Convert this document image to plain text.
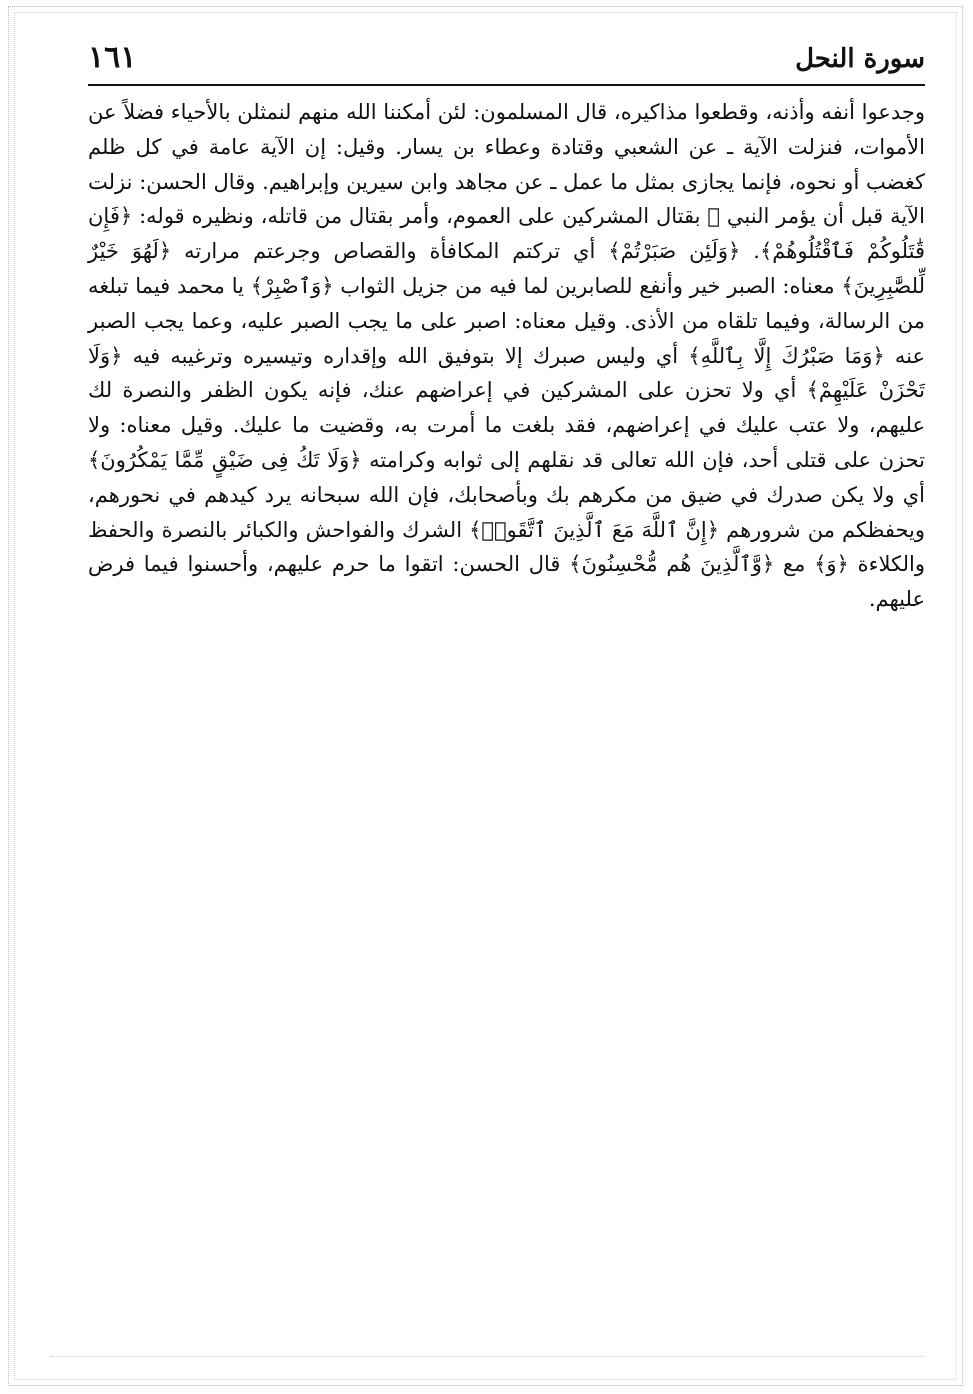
سورة النحل
١٦١

وجدعوا أنفه وأذنه، وقطعوا مذاكيره، قال المسلمون: لئن أمكننا الله منهم لنمثلن بالأحياء فضلاً عن الأموات، فنزلت الآية ـ عن الشعبي وقتادة وعطاء بن يسار. وقيل: إن الآية عامة في كل ظلم كغضب أو نحوه، فإنما يجازى بمثل ما عمل ـ عن مجاهد وابن سيرين وإبراهيم. وقال الحسن: نزلت الآية قبل أن يؤمر النبي ﷺ بقتال المشركين على العموم، وأمر بقتال من قاتله، ونظيره قوله: ﴿فَإِن قَٰتَلُوكُمْ فَٱقْتُلُوهُمْ﴾. ﴿وَلَئِن صَبَرْتُمْ﴾ أي تركتم المكافأة والقصاص وجرعتم مرارته ﴿لَهُوَ خَيْرٌ لِّلصَّٰبِرِينَ﴾ معناه: الصبر خير وأنفع للصابرين لما فيه من جزيل الثواب ﴿وَٱصْبِرْ﴾ يا محمد فيما تبلغه من الرسالة، وفيما تلقاه من الأذى. وقيل معناه: اصبر على ما يجب الصبر عليه، وعما يجب الصبر عنه ﴿وَمَا صَبْرُكَ إِلَّا بِٱللَّهِ﴾ أي وليس صبرك إلا بتوفيق الله وإقداره وتيسيره وترغيبه فيه ﴿وَلَا تَحْزَنْ عَلَيْهِمْ﴾ أي ولا تحزن على المشركين في إعراضهم عنك، فإنه يكون الظفر والنصرة لك عليهم، ولا عتب عليك في إعراضهم، فقد بلغت ما أمرت به، وقضيت ما عليك. وقيل معناه: ولا تحزن على قتلى أحد، فإن الله تعالى قد نقلهم إلى ثوابه وكرامته ﴿وَلَا تَكُ فِى ضَيْقٍ مِّمَّا يَمْكُرُونَ﴾ أي ولا يكن صدرك في ضيق من مكرهم بك وبأصحابك، فإن الله سبحانه يرد كيدهم في نحورهم، ويحفظكم من شرورهم ﴿إِنَّ ٱللَّهَ مَعَ ٱلَّذِينَ ٱتَّقَوا۟﴾ الشرك والفواحش والكبائر بالنصرة والحفظ والكلاءة ﴿وَ﴾ مع ﴿وَّٱلَّذِينَ هُم مُّحْسِنُونَ﴾ قال الحسن: اتقوا ما حرم عليهم، وأحسنوا فيما فرض عليهم.
